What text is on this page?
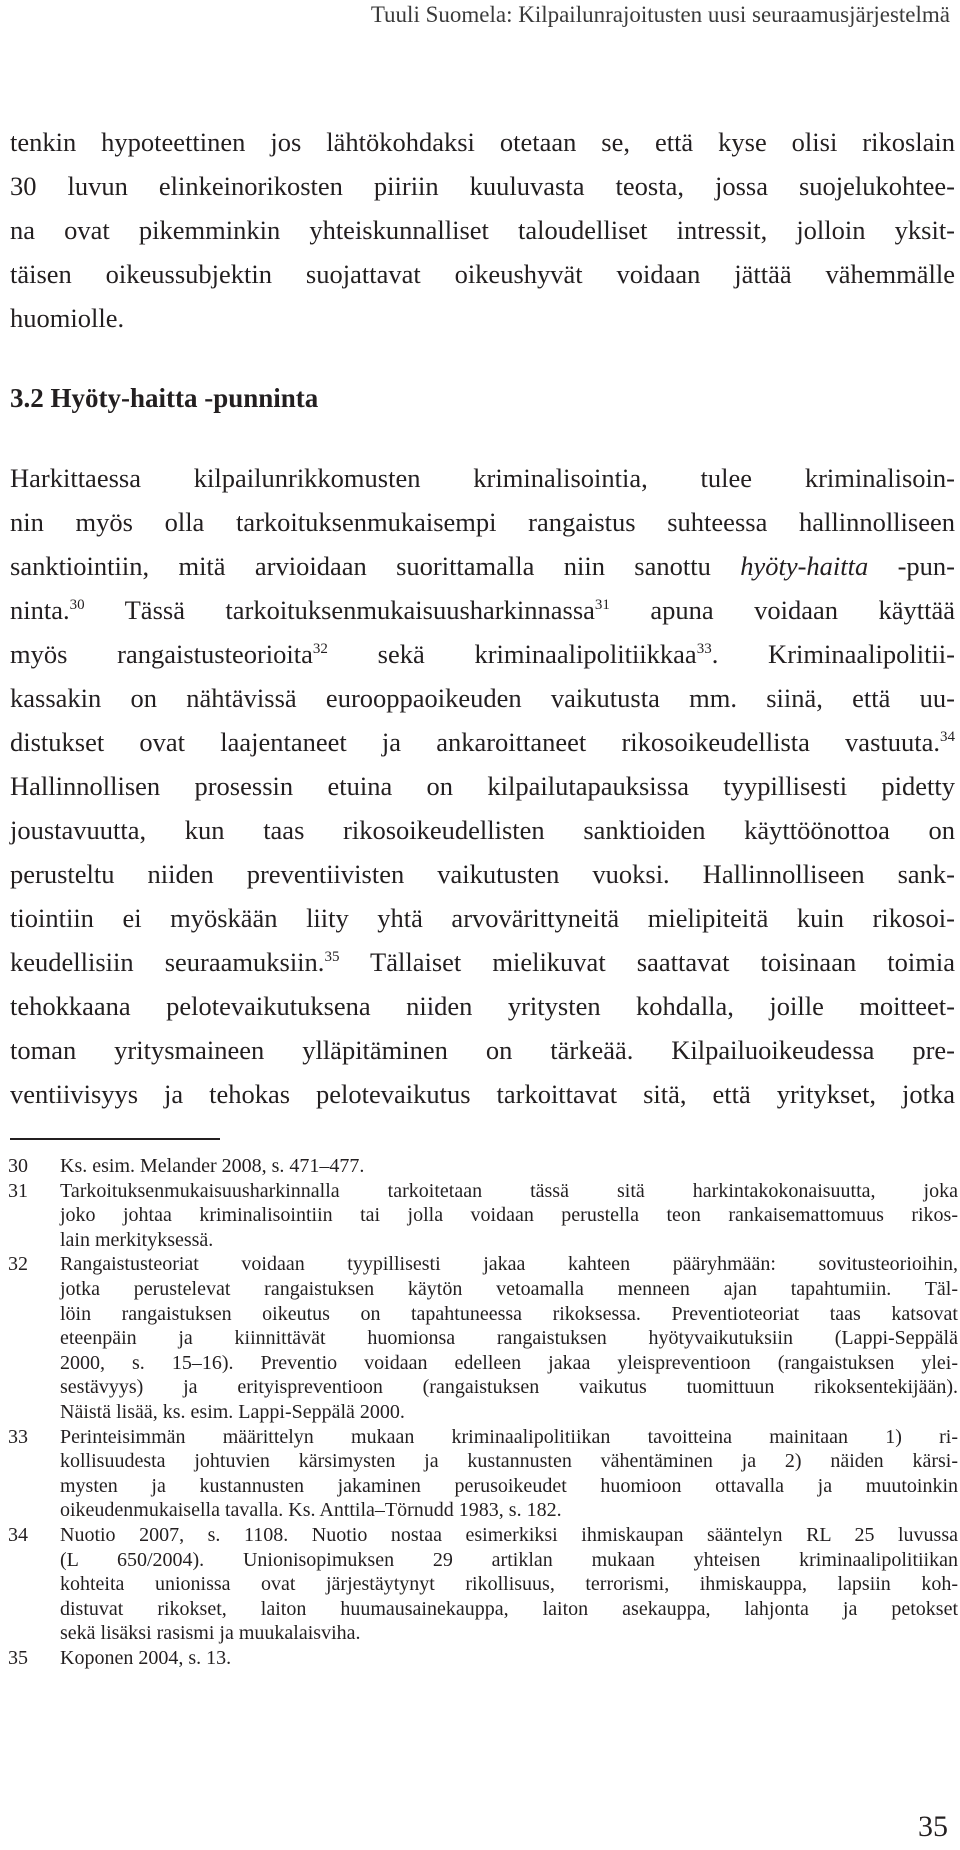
Tuuli Suomela: Kilpailunrajoitusten uusi seuraamusjärjestelmä
tenkin hypoteettinen jos lähtökohdaksi otetaan se, että kyse olisi rikoslain
30 luvun elinkeinorikosten piiriin kuuluvasta teosta, jossa suojelukohtee-
na ovat pikemminkin yhteiskunnalliset taloudelliset intressit, jolloin yksit-
täisen oikeussubjektin suojattavat oikeushyvät voidaan jättää vähemmälle
huomiolle.
3.2 Hyöty-haitta -punninta
Harkittaessa kilpailunrikkomusten kriminalisointia, tulee kriminalisoin-
nin myös olla tarkoituksenmukaisempi rangaistus suhteessa hallinnolliseen
sanktiointiin, mitä arvioidaan suorittamalla niin sanottu hyöty-haitta -pun-
ninta.$^{30}$ Tässä tarkoituksenmukaisuusharkinnassa$^{31}$ apuna voidaan käyttää
myös rangaistusteorioita$^{32}$ sekä kriminaalipolitiikkaa$^{33}$. Kriminaalipolitii-
kassakin on nähtävissä eurooppaoikeuden vaikutusta mm. siinä, että uu-
distukset ovat laajentaneet ja ankaroittaneet rikosoikeudellista vastuuta.$^{34}$
Hallinnollisen prosessin etuina on kilpailutapauksissa tyypillisesti pidetty
joustavuutta, kun taas rikosoikeudellisten sanktioiden käyttöönottoa on
perusteltu niiden preventiivisten vaikutusten vuoksi. Hallinnolliseen sank-
tiointiin ei myöskään liity yhtä arvovärittyneitä mielipiteitä kuin rikosoi-
keudellisiin seuraamuksiin.$^{35}$ Tällaiset mielikuvat saattavat toisinaan toimia
tehokkaana pelotevaikutuksena niiden yritysten kohdalla, joille moitteet-
toman yritysmaineen ylläpitäminen on tärkeää. Kilpailuoikeudessa pre-
ventiivisyys ja tehokas pelotevaikutus tarkoittavat sitä, että yritykset, jotka
30	Ks. esim. Melander 2008, s. 471–477.
31	Tarkoituksenmukaisuusharkinnalla tarkoitetaan tässä sitä harkintakokonaisuutta, joka
joko johtaa kriminalisointiin tai jolla voidaan perustella teon rankaisemattomuus rikos-
lain merkityksessä.
32	Rangaistusteoriat voidaan tyypillisesti jakaa kahteen pääryhmään: sovitusteorioihin,
jotka perustelevat rangaistuksen käytön vetoamalla menneen ajan tapahtumiin. Täl-
löin rangaistuksen oikeutus on tapahtuneessa rikoksessa. Preventioteoriat taas katsovat
eteenpäin ja kiinnittävät huomionsa rangaistuksen hyötyvaikutuksiin (Lappi-Seppälä
2000, s. 15–16). Preventio voidaan edelleen jakaa yleispreventioon (rangaistuksen ylei-
sestävyys) ja erityispreventioon (rangaistuksen vaikutus tuomittuun rikoksentekijään).
Näistä lisää, ks. esim. Lappi-Seppälä 2000.
33	Perinteisimmän määrittelyn mukaan kriminaalipolitiikan tavoitteina mainitaan 1) ri-
kollisuudesta johtuvien kärsimysten ja kustannusten vähentäminen ja 2) näiden kärsi-
mysten ja kustannusten jakaminen perusoikeudet huomioon ottavalla ja muutoinkin
oikeudenmukaisella tavalla. Ks. Anttila–Törnudd 1983, s. 182.
34	Nuotio 2007, s. 1108. Nuotio nostaa esimerkiksi ihmiskaupan sääntelyn RL 25 luvussa
(L 650/2004). Unionisopimuksen 29 artiklan mukaan yhteisen kriminaalipolitiikan
kohteita unionissa ovat järjestäytynyt rikollisuus, terrorismi, ihmiskauppa, lapsiin koh-
distuvat rikokset, laiton huumausainekauppa, laiton asekauppa, lahjonta ja petokset
sekä lisäksi rasismi ja muukalaisviha.
35	Koponen 2004, s. 13.
35
